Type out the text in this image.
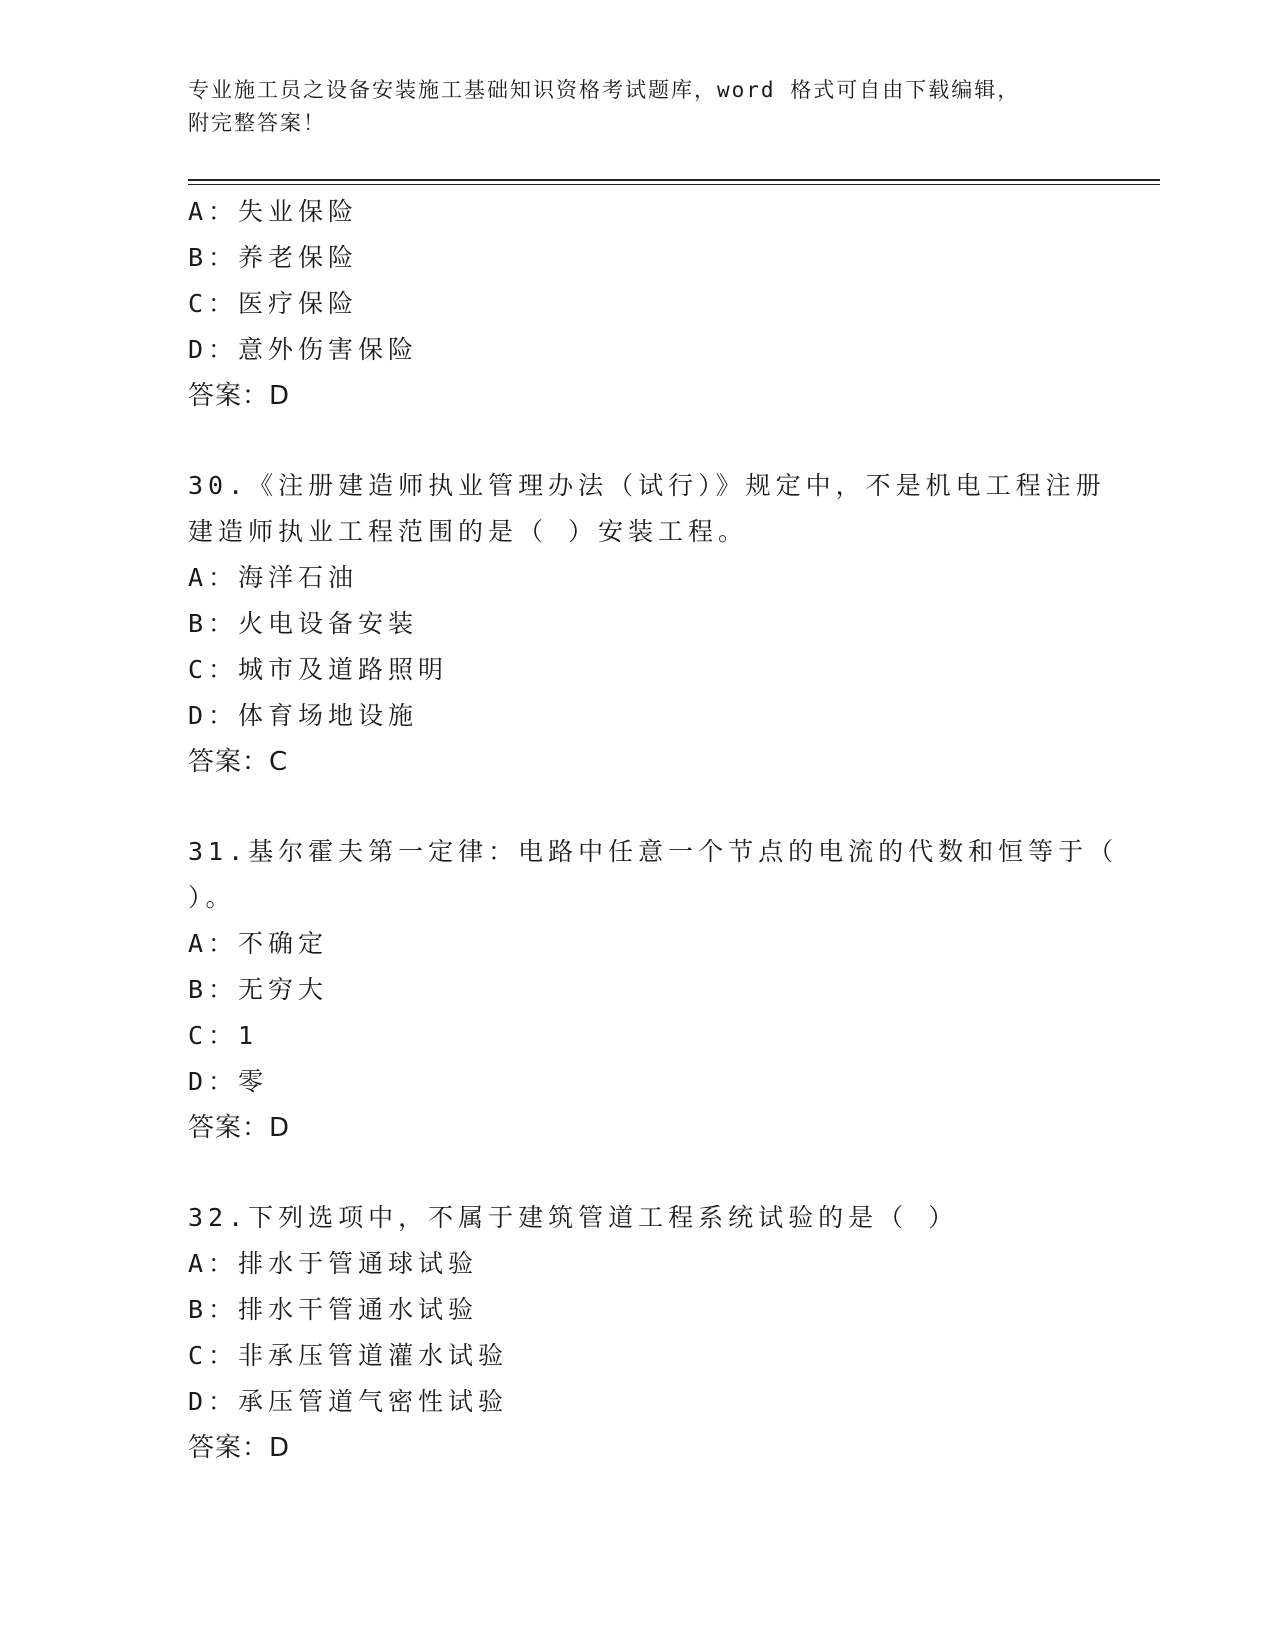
专业施工员之设备安装施工基础知识资格考试题库，word 格式可自由下载编辑，
附完整答案！
A：失业保险
B：养老保险
C：医疗保险
D：意外伤害保险
答案：D
30.《注册建造师执业管理办法（试行）》规定中，不是机电工程注册
建造师执业工程范围的是（ ）安装工程。
A：海洋石油
B：火电设备安装
C：城市及道路照明
D：体育场地设施
答案：C
31.基尔霍夫第一定律：电路中任意一个节点的电流的代数和恒等于（
）。
A：不确定
B：无穷大
C：1
D：零
答案：D
32.下列选项中，不属于建筑管道工程系统试验的是（ ）
A：排水于管通球试验
B：排水干管通水试验
C：非承压管道灌水试验
D：承压管道气密性试验
答案：D
